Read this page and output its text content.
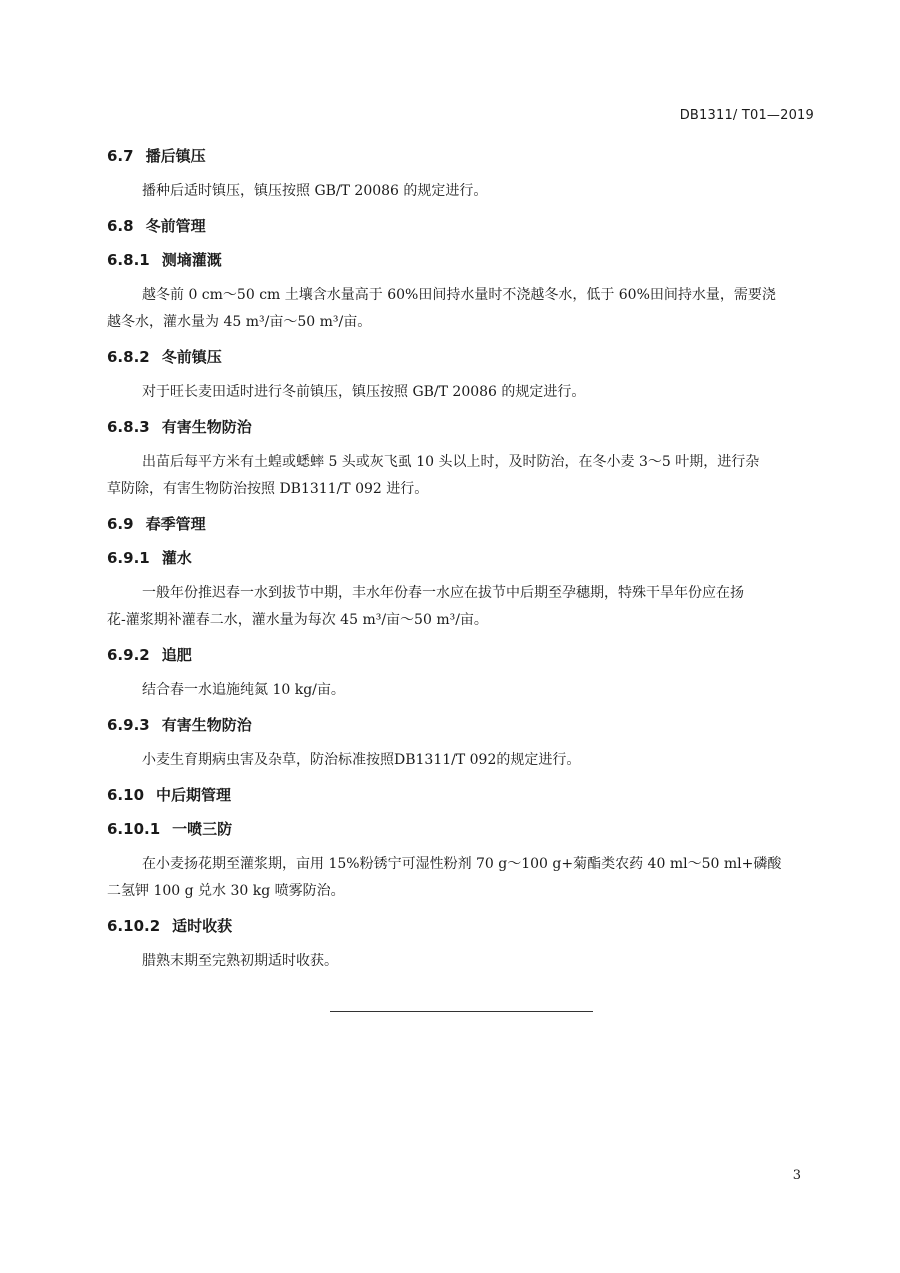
DB1311/ T01—2019
6.7 播后镇压
播种后适时镇压，镇压按照 GB/T 20086 的规定进行。
6.8 冬前管理
6.8.1 测墒灌溉
越冬前 0 cm～50 cm 土壤含水量高于 60%田间持水量时不浇越冬水，低于 60%田间持水量，需要浇
越冬水，灌水量为 45 m³/亩～50 m³/亩。
6.8.2 冬前镇压
对于旺长麦田适时进行冬前镇压，镇压按照 GB/T 20086 的规定进行。
6.8.3 有害生物防治
出苗后每平方米有土蝗或蟋蟀 5 头或灰飞虱 10 头以上时，及时防治，在冬小麦 3～5 叶期，进行杂
草防除，有害生物防治按照 DB1311/T 092 进行。
6.9 春季管理
6.9.1 灌水
一般年份推迟春一水到拔节中期，丰水年份春一水应在拔节中后期至孕穗期，特殊干旱年份应在扬
花-灌浆期补灌春二水，灌水量为每次 45 m³/亩～50 m³/亩。
6.9.2 追肥
结合春一水追施纯氮 10 kg/亩。
6.9.3 有害生物防治
小麦生育期病虫害及杂草，防治标准按照DB1311/T 092的规定进行。
6.10 中后期管理
6.10.1 一喷三防
在小麦扬花期至灌浆期，亩用 15%粉锈宁可湿性粉剂 70 g～100 g+菊酯类农药 40 ml～50 ml+磷酸
二氢钾 100 g 兑水 30 kg 喷雾防治。
6.10.2 适时收获
腊熟末期至完熟初期适时收获。
3
